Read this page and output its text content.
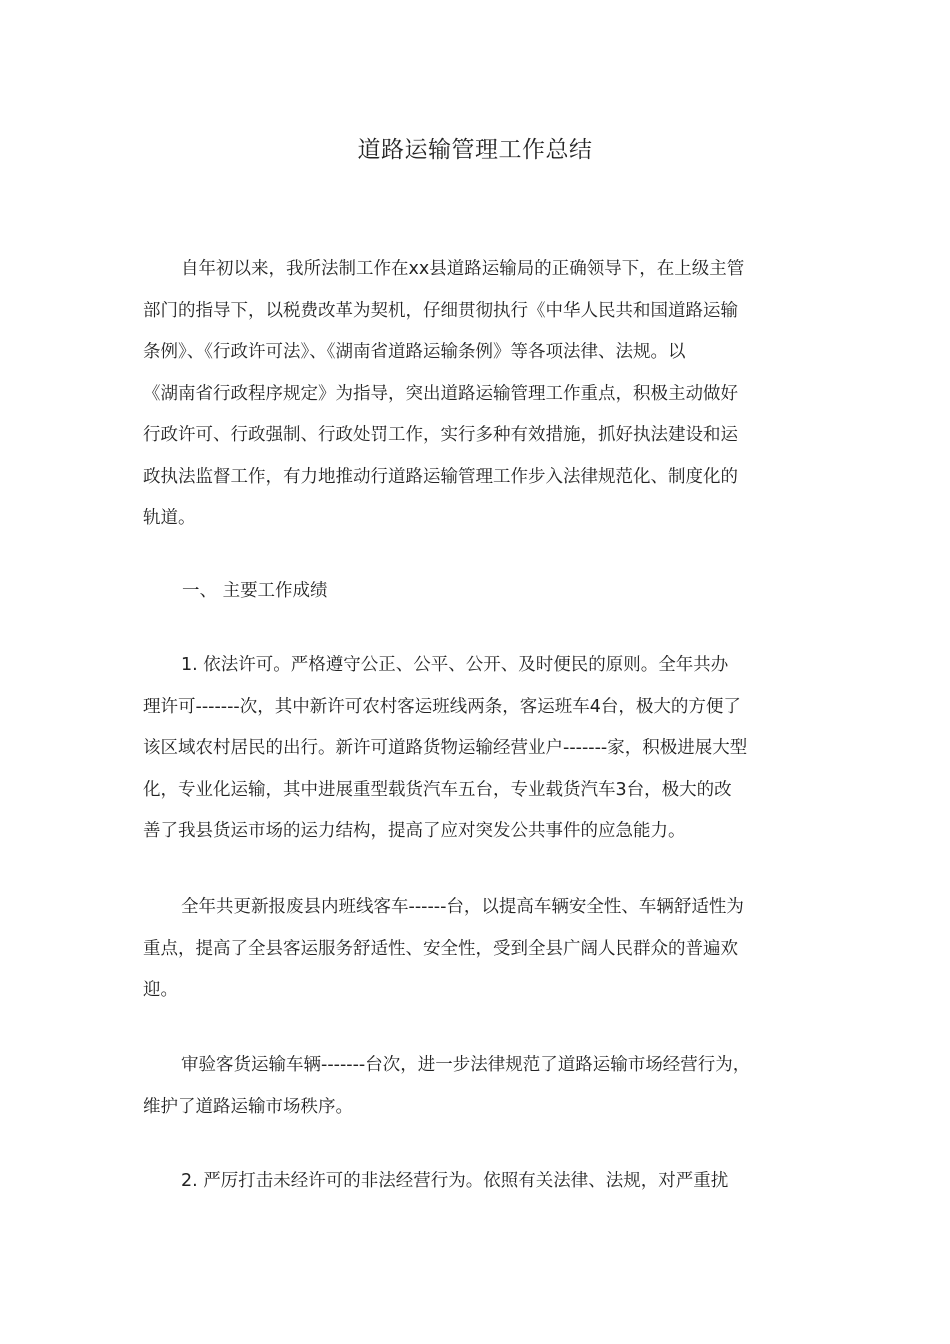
道路运输管理工作总结
自年初以来，我所法制工作在xx县道路运输局的正确领导下，在上级主管
部门的指导下，以税费改革为契机，仔细贯彻执行《中华人民共和国道路运输
条例》、《行政许可法》、《湖南省道路运输条例》等各项法律、法规。以
《湖南省行政程序规定》为指导，突出道路运输管理工作重点，积极主动做好
行政许可、行政强制、行政处罚工作，实行多种有效措施，抓好执法建设和运
政执法监督工作，有力地推动行道路运输管理工作步入法律规范化、制度化的
轨道。
一、 主要工作成绩
1. 依法许可。严格遵守公正、公平、公开、及时便民的原则。全年共办
理许可-------次，其中新许可农村客运班线两条，客运班车4台，极大的方便了
该区域农村居民的出行。新许可道路货物运输经营业户-------家，积极进展大型
化，专业化运输，其中进展重型载货汽车五台，专业载货汽车3台，极大的改
善了我县货运市场的运力结构，提高了应对突发公共事件的应急能力。
全年共更新报废县内班线客车------台，以提高车辆安全性、车辆舒适性为
重点，提高了全县客运服务舒适性、安全性，受到全县广阔人民群众的普遍欢
迎。
审验客货运输车辆-------台次，进一步法律规范了道路运输市场经营行为，
维护了道路运输市场秩序。
2. 严厉打击未经许可的非法经营行为。依照有关法律、法规，对严重扰
